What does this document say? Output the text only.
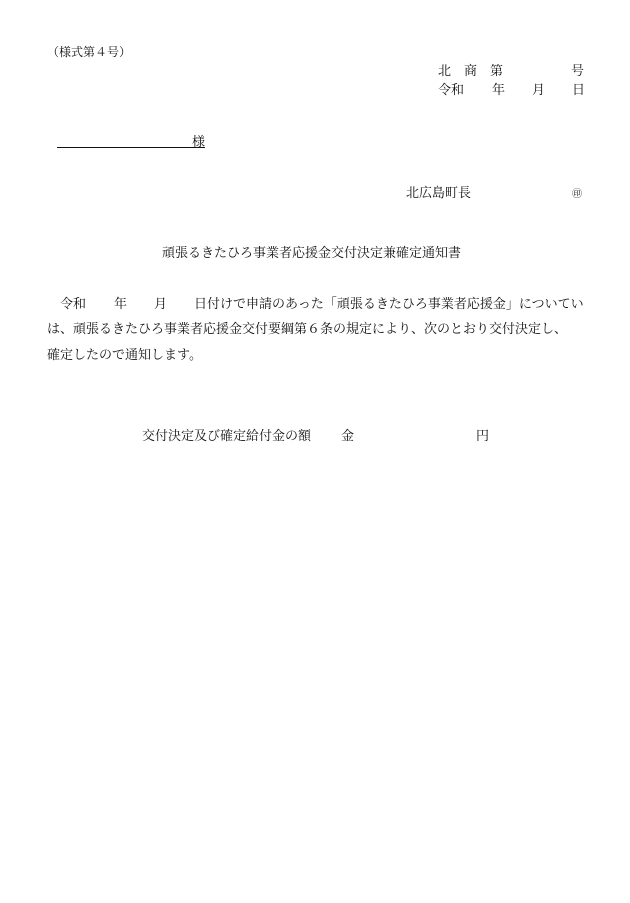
（様式第４号）
北 商 第	号
令和 年 月 日
様
北広島町長	㊞
頑張るきたひろ事業者応援金交付決定兼確定通知書
令和 年 月 日付けで申請のあった「頑張るきたひろ事業者応援金」についてい
は、頑張るきたひろ事業者応援金交付要綱第６条の規定により、次のとおり交付決定し、
確定したので通知します。
交付決定及び確定給付金の額 金	円
